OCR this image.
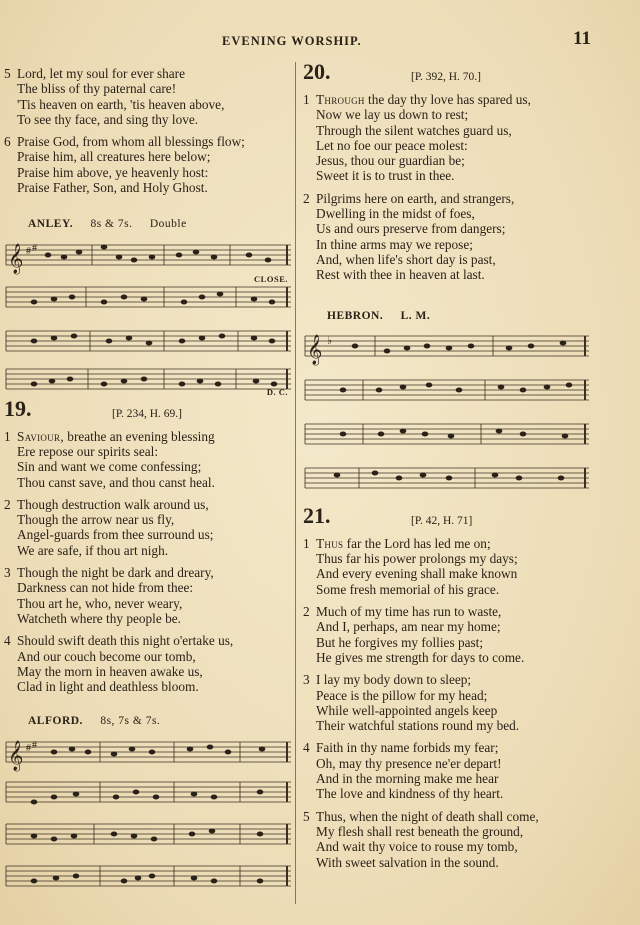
EVENING WORSHIP.	11
5 Lord, let my soul for ever share
The bliss of thy paternal care!
'Tis heaven on earth, 'tis heaven above,
To see thy face, and sing thy love.
6 Praise God, from whom all blessings flow;
Praise him, all creatures here below;
Praise him above, ye heavenly host:
Praise Father, Son, and Holy Ghost.
ANLEY. 8s & 7s. Double
𝄞 # #
CLOSE.
D. C.
19.	[P. 234, H. 69.]
1 Saviour, breathe an evening blessing
Ere repose our spirits seal:
Sin and want we come confessing;
Thou canst save, and thou canst heal.
2 Though destruction walk around us,
Though the arrow near us fly,
Angel-guards from thee surround us;
We are safe, if thou art nigh.
3 Though the night be dark and dreary,
Darkness can not hide from thee:
Thou art he, who, never weary,
Watcheth where thy people be.
4 Should swift death this night o'ertake us,
And our couch become our tomb,
May the morn in heaven awake us,
Clad in light and deathless bloom.
ALFORD. 8s, 7s & 7s.
𝄞 # #
20.	[P. 392, H. 70.]
1 Through the day thy love has spared us,
Now we lay us down to rest;
Through the silent watches guard us,
Let no foe our peace molest:
Jesus, thou our guardian be;
Sweet it is to trust in thee.
2 Pilgrims here on earth, and strangers,
Dwelling in the midst of foes,
Us and ours preserve from dangers;
In thine arms may we repose;
And, when life's short day is past,
Rest with thee in heaven at last.
HEBRON. L. M.
𝄞 ♭
21.	[P. 42, H. 71]
1 Thus far the Lord has led me on;
Thus far his power prolongs my days;
And every evening shall make known
Some fresh memorial of his grace.
2 Much of my time has run to waste,
And I, perhaps, am near my home;
But he forgives my follies past;
He gives me strength for days to come.
3 I lay my body down to sleep;
Peace is the pillow for my head;
While well-appointed angels keep
Their watchful stations round my bed.
4 Faith in thy name forbids my fear;
Oh, may thy presence ne'er depart!
And in the morning make me hear
The love and kindness of thy heart.
5 Thus, when the night of death shall come,
My flesh shall rest beneath the ground,
And wait thy voice to rouse my tomb,
With sweet salvation in the sound.
